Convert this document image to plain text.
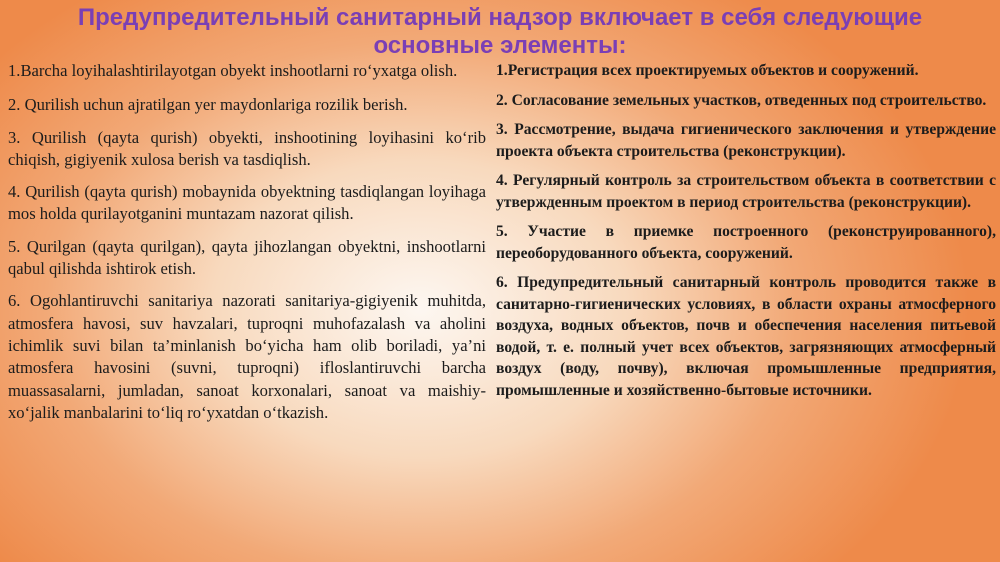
Предупредительный санитарный надзор включает в себя следующие
основные элементы:

1.Barcha loyihalashtirilayotgan obyekt inshootlarni ro‘yxatga olish.

2. Qurilish uchun ajratilgan yer maydonlariga rozilik berish.

3. Qurilish (qayta qurish) obyekti, inshootining loyihasini ko‘rib chiqish, gigiyenik xulosa berish va tasdiqlish.

4. Qurilish (qayta qurish) mobaynida obyektning tasdiqlangan loyihaga mos holda qurilayotganini muntazam nazorat qilish.

5. Qurilgan (qayta qurilgan), qayta jihozlangan obyektni, inshootlarni qabul qilishda ishtirok etish.

6. Ogohlantiruvchi sanitariya nazorati sanitariya-gigiyenik muhitda, atmosfera havosi, suv havzalari, tuproqni muhofazalash va aholini ichimlik suvi bilan ta’minlanish bo‘yicha ham olib boriladi, ya’ni atmosfera havosini (suvni, tuproqni) ifloslantiruvchi barcha muassasalarni, jumladan, sanoat korxonalari, sanoat va maishiy-xo‘jalik manbalarini to‘liq ro‘yxatdan o‘tkazish.

1.Регистрация всех проектируемых объектов и сооружений.

2. Согласование земельных участков, отведенных под строительство.

3. Рассмотрение, выдача гигиенического заключения и утверждение проекта объекта строительства (реконструкции).

4. Регулярный контроль за строительством объекта в соответствии с утвержденным проектом в период строительства (реконструкции).

5. Участие в приемке построенного (реконструированного), переоборудованного объекта, сооружений.

6. Предупредительный санитарный контроль проводится также в санитарно-гигиенических условиях, в области охраны атмосферного воздуха, водных объектов, почв и обеспечения населения питьевой водой, т. е. полный учет всех объектов, загрязняющих атмосферный воздух (воду, почву), включая промышленные предприятия, промышленные и хозяйственно-бытовые источники.
